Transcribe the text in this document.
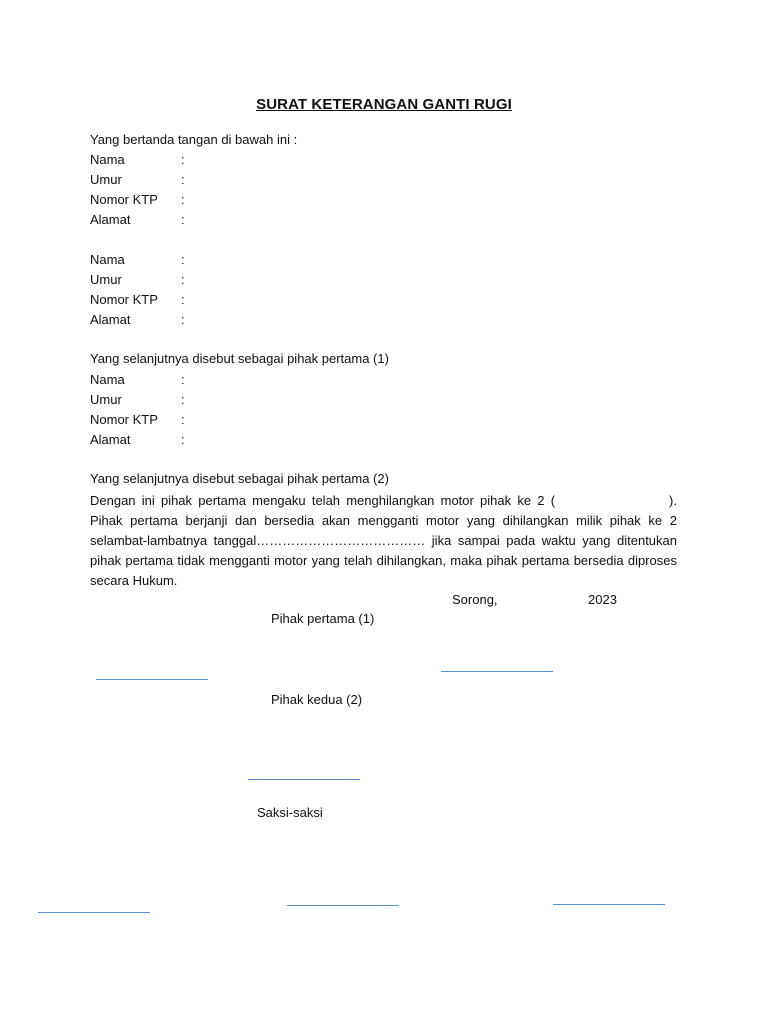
SURAT KETERANGAN GANTI RUGI
Yang bertanda tangan di bawah ini :
Nama	:
Umur	:
Nomor KTP :
Alamat	:
Nama	:
Umur	:
Nomor KTP :
Alamat	:
Yang selanjutnya disebut sebagai pihak pertama (1)
Nama	:
Umur	:
Nomor KTP :
Alamat	:
Yang selanjutnya disebut sebagai pihak pertama (2)
Dengan ini pihak pertama mengaku telah menghilangkan motor pihak ke 2 (	). Pihak pertama berjanji dan bersedia akan mengganti motor yang dihilangkan milik pihak ke 2 selambat-lambatnya tanggal………………………………… jika sampai pada waktu yang ditentukan pihak pertama tidak mengganti motor yang telah dihilangkan, maka pihak pertama bersedia diproses secara Hukum.
Sorong,	2023
Pihak pertama (1)
Pihak kedua (2)
Saksi-saksi
